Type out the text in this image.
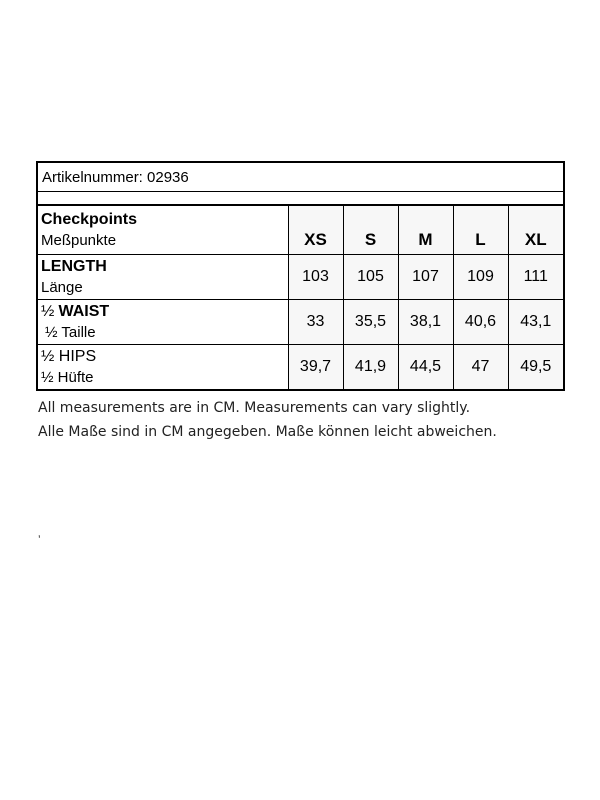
Artikelnummer: 02936					

Checkpoints
Meßpunkte	XS	S	M	L	XL

LENGTH
Länge	103	105	107	109	111

½ WAIST
½ Taille	33	35,5	38,1	40,6	43,1

½ HIPS
½ Hüfte	39,7	41,9	44,5	47	49,5
All measurements are in CM. Measurements can vary slightly.
Alle Maße sind in CM angegeben. Maße können leicht abweichen.
ʼ
